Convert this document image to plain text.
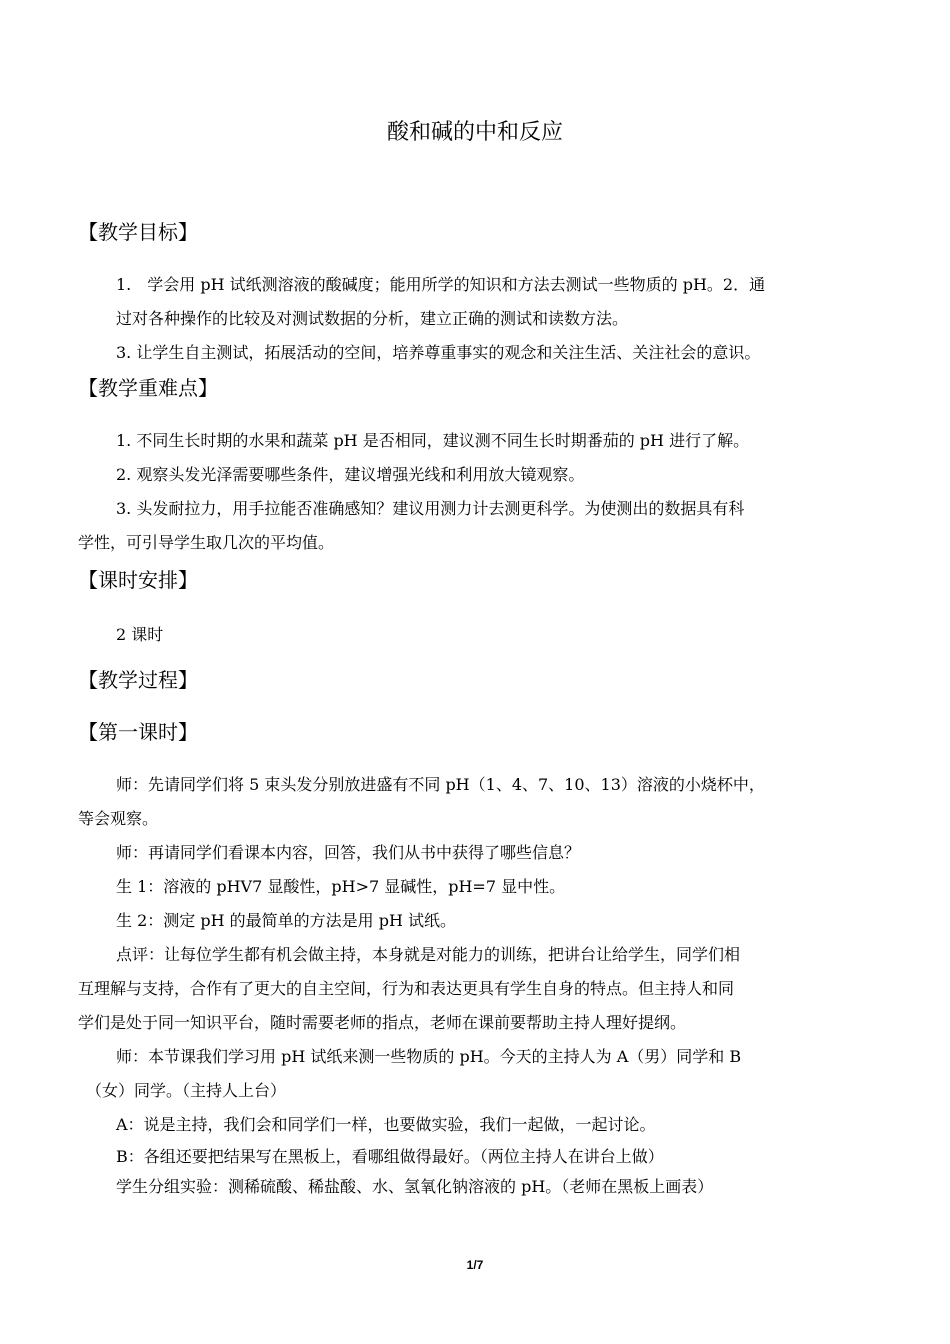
酸和碱的中和反应
【教学目标】
1.　学会用 pH 试纸测溶液的酸碱度；能用所学的知识和方法去测试一些物质的 pH。2．通
过对各种操作的比较及对测试数据的分析，建立正确的测试和读数方法。
3. 让学生自主测试，拓展活动的空间，培养尊重事实的观念和关注生活、关注社会的意识。
【教学重难点】
1. 不同生长时期的水果和蔬菜 pH 是否相同，建议测不同生长时期番茄的 pH 进行了解。
2. 观察头发光泽需要哪些条件，建议增强光线和利用放大镜观察。
3. 头发耐拉力，用手拉能否准确感知？建议用测力计去测更科学。为使测出的数据具有科
学性，可引导学生取几次的平均值。
【课时安排】
2 课时
【教学过程】
【第一课时】
师：先请同学们将 5 束头发分别放进盛有不同 pH（1、4、7、10、13）溶液的小烧杯中，
等会观察。
师：再请同学们看课本内容，回答，我们从书中获得了哪些信息？
生 1：溶液的 pHV7 显酸性，pH>7 显碱性，pH=7 显中性。
生 2：测定 pH 的最简单的方法是用 pH 试纸。
点评：让每位学生都有机会做主持，本身就是对能力的训练，把讲台让给学生，同学们相
互理解与支持，合作有了更大的自主空间，行为和表达更具有学生自身的特点。但主持人和同
学们是处于同一知识平台，随时需要老师的指点，老师在课前要帮助主持人理好提纲。
师：本节课我们学习用 pH 试纸来测一些物质的 pH。今天的主持人为 A（男）同学和 B
（女）同学。（主持人上台）
A：说是主持，我们会和同学们一样，也要做实验，我们一起做，一起讨论。
B：各组还要把结果写在黑板上，看哪组做得最好。（两位主持人在讲台上做）
学生分组实验：测稀硫酸、稀盐酸、水、氢氧化钠溶液的 pH。（老师在黑板上画表）
1/7
